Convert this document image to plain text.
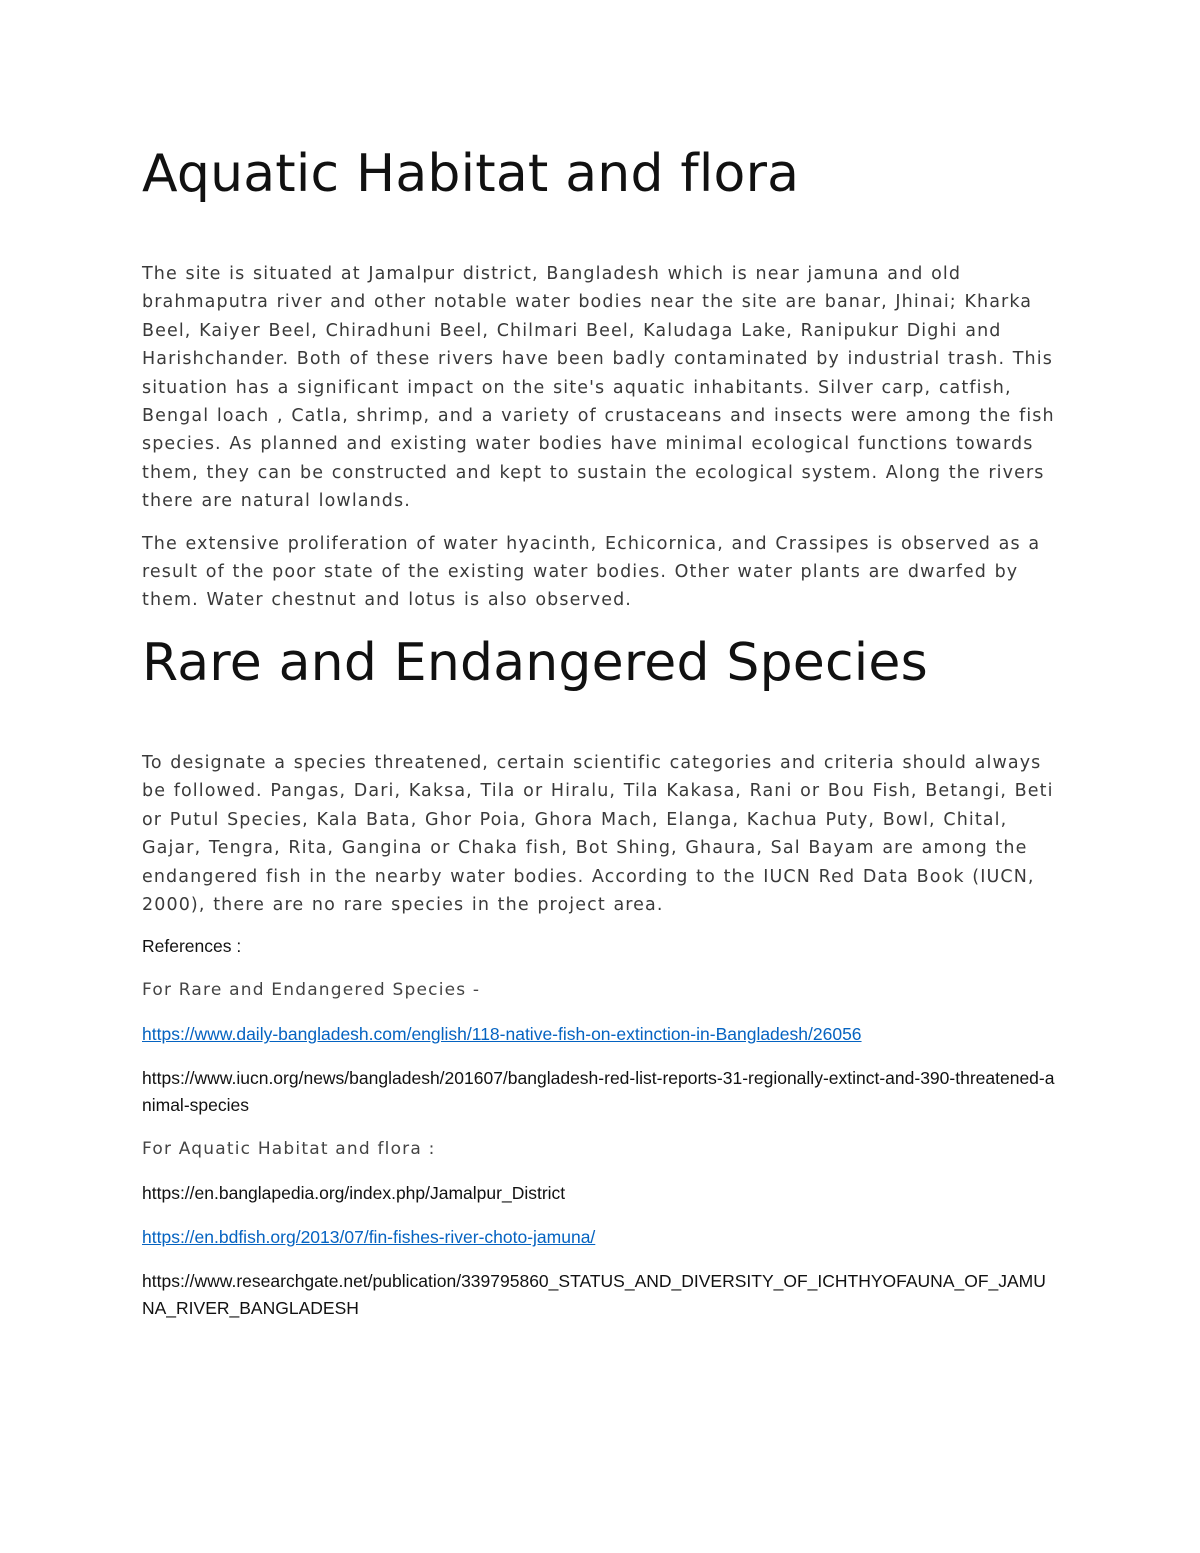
Aquatic Habitat and flora

The site is situated at Jamalpur district, Bangladesh which is near jamuna and old brahmaputra river and other notable water bodies near the site are banar, Jhinai; Kharka Beel, Kaiyer Beel, Chiradhuni Beel, Chilmari Beel, Kaludaga Lake, Ranipukur Dighi and Harishchander. Both of these rivers have been badly contaminated by industrial trash. This situation has a significant impact on the site's aquatic inhabitants. Silver carp, catfish, Bengal loach , Catla, shrimp, and a variety of crustaceans and insects were among the fish species. As planned and existing water bodies have minimal ecological functions towards them, they can be constructed and kept to sustain the ecological system. Along the rivers there are natural lowlands.

The extensive proliferation of water hyacinth, Echicornica, and Crassipes is observed as a result of the poor state of the existing water bodies. Other water plants are dwarfed by them. Water chestnut and lotus is also observed.

Rare and Endangered Species

To designate a species threatened, certain scientific categories and criteria should always be followed. Pangas, Dari, Kaksa, Tila or Hiralu, Tila Kakasa, Rani or Bou Fish, Betangi, Beti or Putul Species, Kala Bata, Ghor Poia, Ghora Mach, Elanga, Kachua Puty, Bowl, Chital, Gajar, Tengra, Rita, Gangina or Chaka fish, Bot Shing, Ghaura, Sal Bayam are among the endangered fish in the nearby water bodies. According to the IUCN Red Data Book (IUCN, 2000), there are no rare species in the project area.

References :

For Rare and Endangered Species -

https://www.daily-bangladesh.com/english/118-native-fish-on-extinction-in-Bangladesh/26056

https://www.iucn.org/news/bangladesh/201607/bangladesh-red-list-reports-31-regionally-extinct-and-390-threatened-animal-species

For Aquatic Habitat and flora :

https://en.banglapedia.org/index.php/Jamalpur_District

https://en.bdfish.org/2013/07/fin-fishes-river-choto-jamuna/

https://www.researchgate.net/publication/339795860_STATUS_AND_DIVERSITY_OF_ICHTHYOFAUNA_OF_JAMUNA_RIVER_BANGLADESH
